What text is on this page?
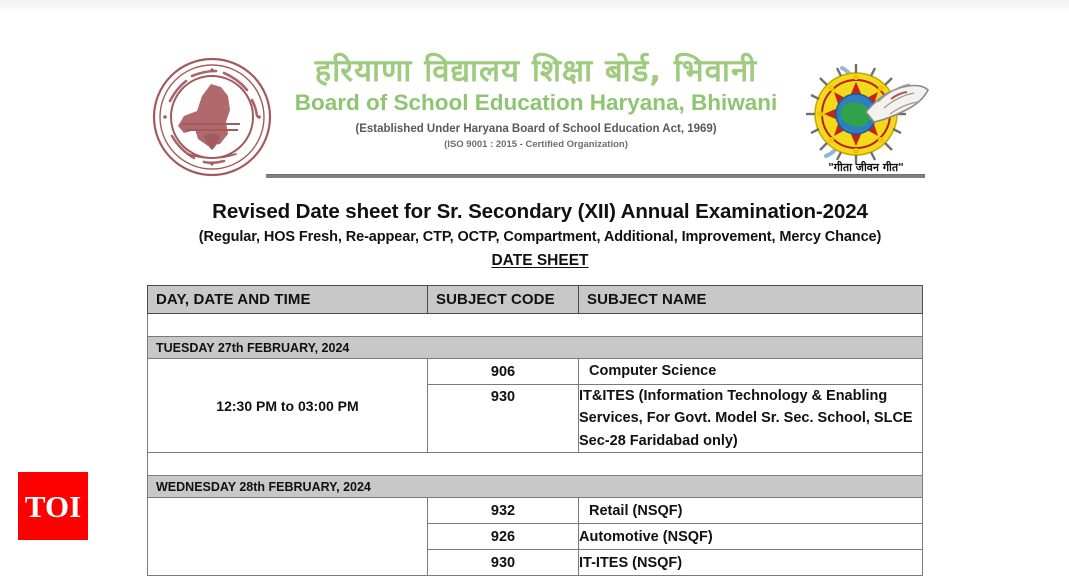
हरियाणा विद्यालय शिक्षा बोर्ड, भिवानी
Board of School Education Haryana, Bhiwani
(Established Under Haryana Board of School Education Act, 1969)
(ISO 9001 : 2015 - Certified Organization)
"गीता जीवन गीत"
Revised Date sheet for Sr. Secondary (XII) Annual Examination-2024
(Regular, HOS Fresh, Re-appear, CTP, OCTP, Compartment, Additional, Improvement, Mercy Chance)
DATE SHEET
DAY, DATE AND TIME	SUBJECT CODE	SUBJECT NAME

TUESDAY 27th FEBRUARY, 2024		
12:30 PM to 03:00 PM	906	Computer Science
	930	IT&ITES (Information Technology & Enabling Services, For Govt. Model Sr. Sec. School, SLCE Sec-28 Faridabad only)

WEDNESDAY 28th FEBRUARY, 2024		
	932	Retail (NSQF)
	926	Automotive (NSQF)
	930	IT-ITES (NSQF)
TOI
